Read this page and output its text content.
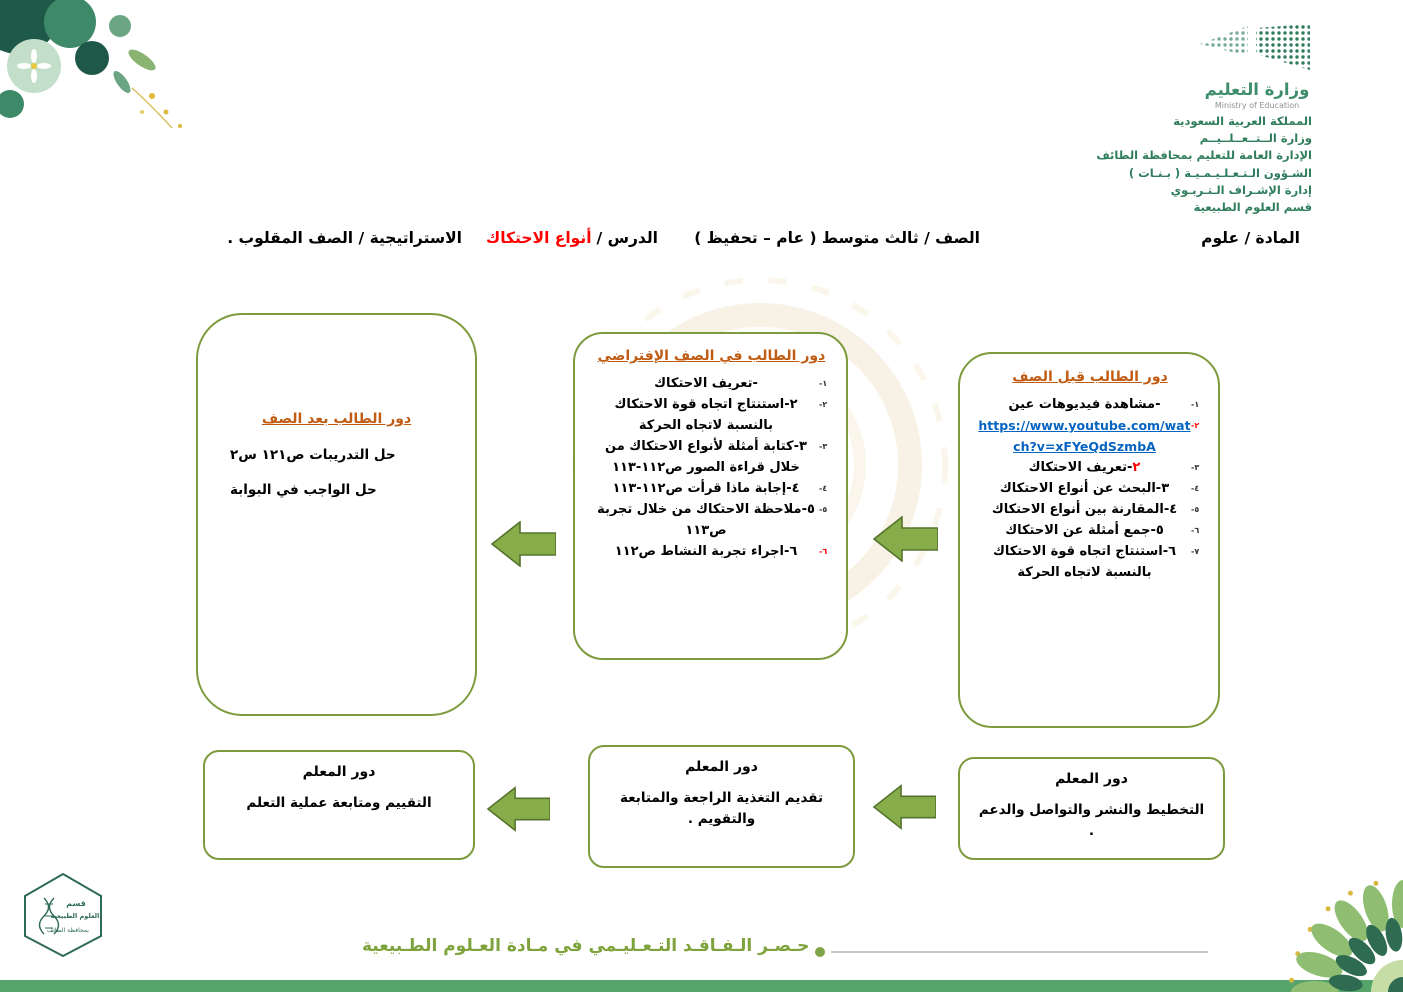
وزارة التعليم
Ministry of Education
المملكة العربية السعودية
وزارة الــتــعــلــيــم
الإدارة العامة للتعليم بمحافظة الطائف
الشـؤون الـتـعـلـيـمـيـة ( بـنـات )
إدارة الإشـراف الـتـربـوي
قسم العلوم الطبيعية
المادة / علوم
الصف / ثالث متوسط ( عام – تحفيظ )
الدرس /أنواع الاحتكاك
الاستراتيجية / الصف المقلوب .
دور الطالب قبل الصف
١-
-مشاهدة فيديوهات عين
٢-
https://www.youtube.com/watch?v=xFYeQdSzmbA
٣-
٢-تعريف الاحتكاك
٤-
٣-البحث عن أنواع الاحتكاك
٥-
٤-المقارنة بين أنواع الاحتكاك
٦-
٥-جمع أمثلة عن الاحتكاك
٧-
٦-استنتاج اتجاه قوة الاحتكاك بالنسبة لاتجاه الحركة
دور الطالب في الصف الإفتراضي
١-
-تعريف الاحتكاك
٢-
٢-استنتاج اتجاه قوة الاحتكاك بالنسبة لاتجاه الحركة
٣-
٣-كتابة أمثلة لأنواع الاحتكاك من خلال قراءة الصور ص١١٢-١١٣
٤-
٤-إجابة ماذا قرأت ص١١٢-١١٣
٥-
٥-ملاحظة الاحتكاك من خلال تجربة ص١١٣
٦-
٦-اجراء تجربة النشاط ص١١٢
دور الطالب بعد الصف
حل التدريبات ص١٢١ س٢
حل الواجب في البوابة
دور المعلم
التخطيط والنشر والتواصل والدعم .
دور المعلم
تقديم التغذية الراجعة والمتابعة والتقويم .
دور المعلم
التقييم ومتابعة عملية التعلم
قسم
العلوم الطبيعية
بمحافظة الطائف
حـصـر الـفـاقـد التـعـليـمي في مـادة العـلوم الطـبيعية
